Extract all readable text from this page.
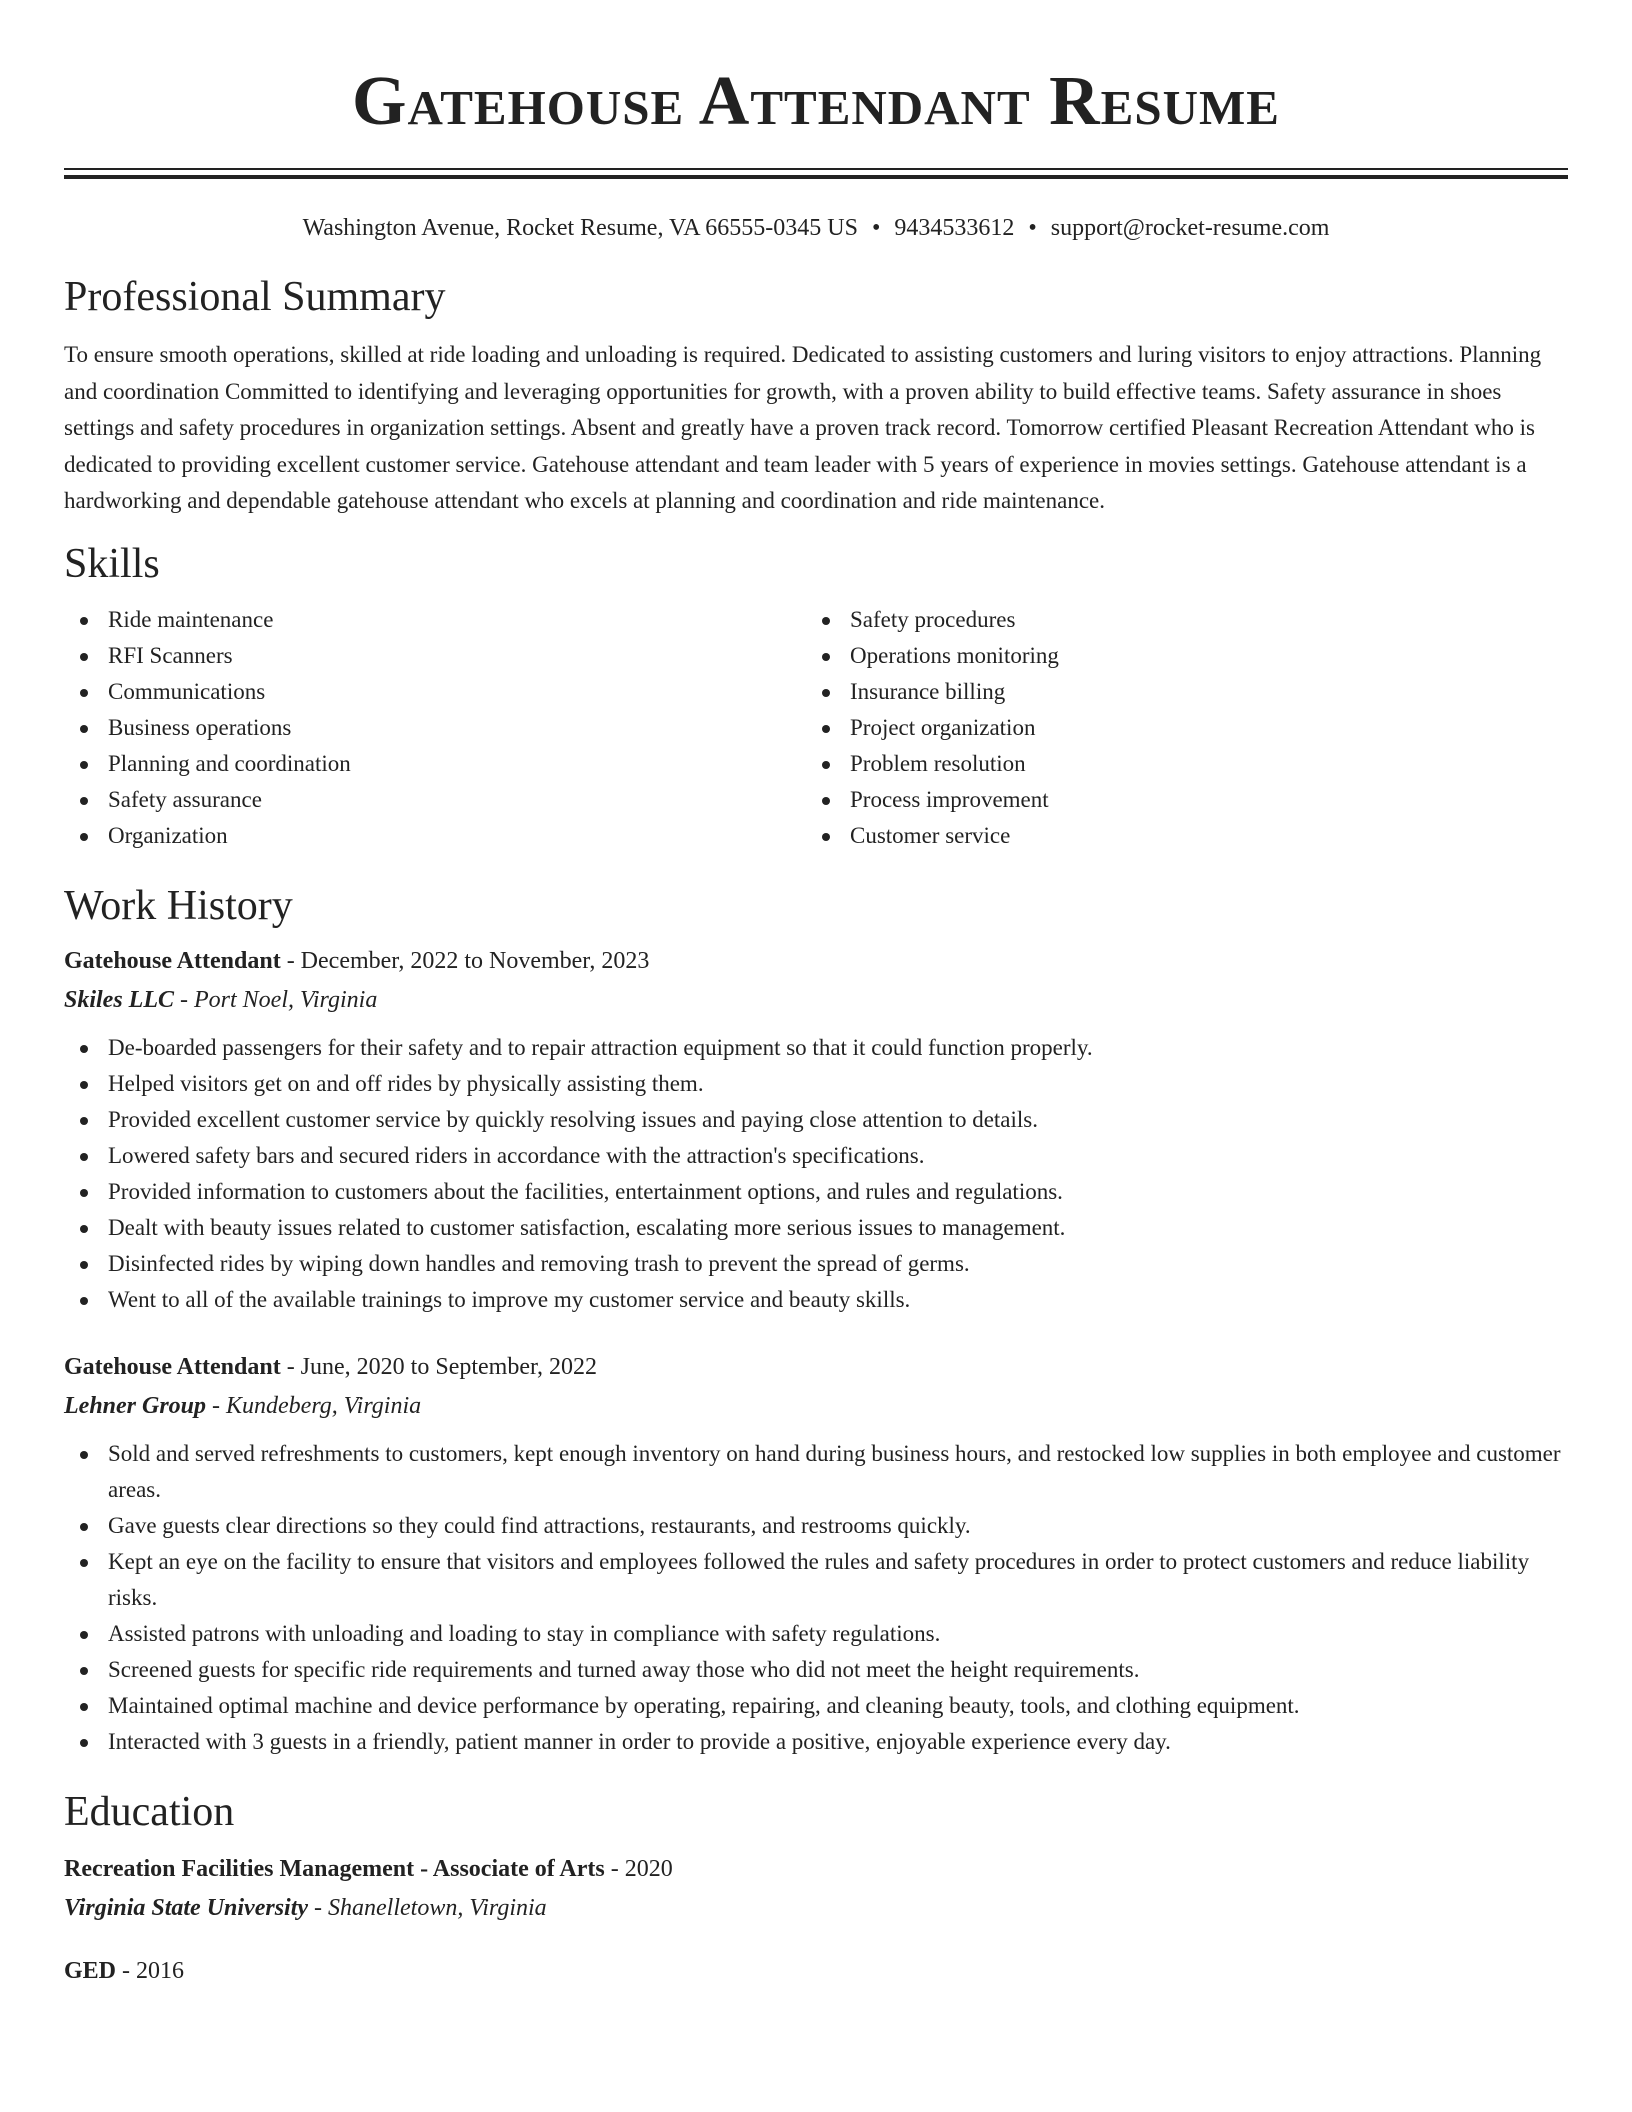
Gatehouse Attendant Resume
Washington Avenue, Rocket Resume, VA 66555-0345 US • 9434533612 • support@rocket-resume.com
Professional Summary

To ensure smooth operations, skilled at ride loading and unloading is required. Dedicated to assisting customers and luring visitors to enjoy attractions. Planning and coordination Committed to identifying and leveraging opportunities for growth, with a proven ability to build effective teams. Safety assurance in shoes settings and safety procedures in organization settings. Absent and greatly have a proven track record. Tomorrow certified Pleasant Recreation Attendant who is dedicated to providing excellent customer service. Gatehouse attendant and team leader with 5 years of experience in movies settings. Gatehouse attendant is a hardworking and dependable gatehouse attendant who excels at planning and coordination and ride maintenance.

Skills
Ride maintenance
RFI Scanners
Communications
Business operations
Planning and coordination
Safety assurance
Organization
Safety procedures
Operations monitoring
Insurance billing
Project organization
Problem resolution
Process improvement
Customer service
Work History
Gatehouse Attendant - December, 2022 to November, 2023
Skiles LLC - Port Noel, Virginia
De-boarded passengers for their safety and to repair attraction equipment so that it could function properly.
Helped visitors get on and off rides by physically assisting them.
Provided excellent customer service by quickly resolving issues and paying close attention to details.
Lowered safety bars and secured riders in accordance with the attraction's specifications.
Provided information to customers about the facilities, entertainment options, and rules and regulations.
Dealt with beauty issues related to customer satisfaction, escalating more serious issues to management.
Disinfected rides by wiping down handles and removing trash to prevent the spread of germs.
Went to all of the available trainings to improve my customer service and beauty skills.
Gatehouse Attendant - June, 2020 to September, 2022
Lehner Group - Kundeberg, Virginia
Sold and served refreshments to customers, kept enough inventory on hand during business hours, and restocked low supplies in both employee and customer areas.
Gave guests clear directions so they could find attractions, restaurants, and restrooms quickly.
Kept an eye on the facility to ensure that visitors and employees followed the rules and safety procedures in order to protect customers and reduce liability risks.
Assisted patrons with unloading and loading to stay in compliance with safety regulations.
Screened guests for specific ride requirements and turned away those who did not meet the height requirements.
Maintained optimal machine and device performance by operating, repairing, and cleaning beauty, tools, and clothing equipment.
Interacted with 3 guests in a friendly, patient manner in order to provide a positive, enjoyable experience every day.
Education
Recreation Facilities Management - Associate of Arts - 2020
Virginia State University - Shanelletown, Virginia
GED - 2016
